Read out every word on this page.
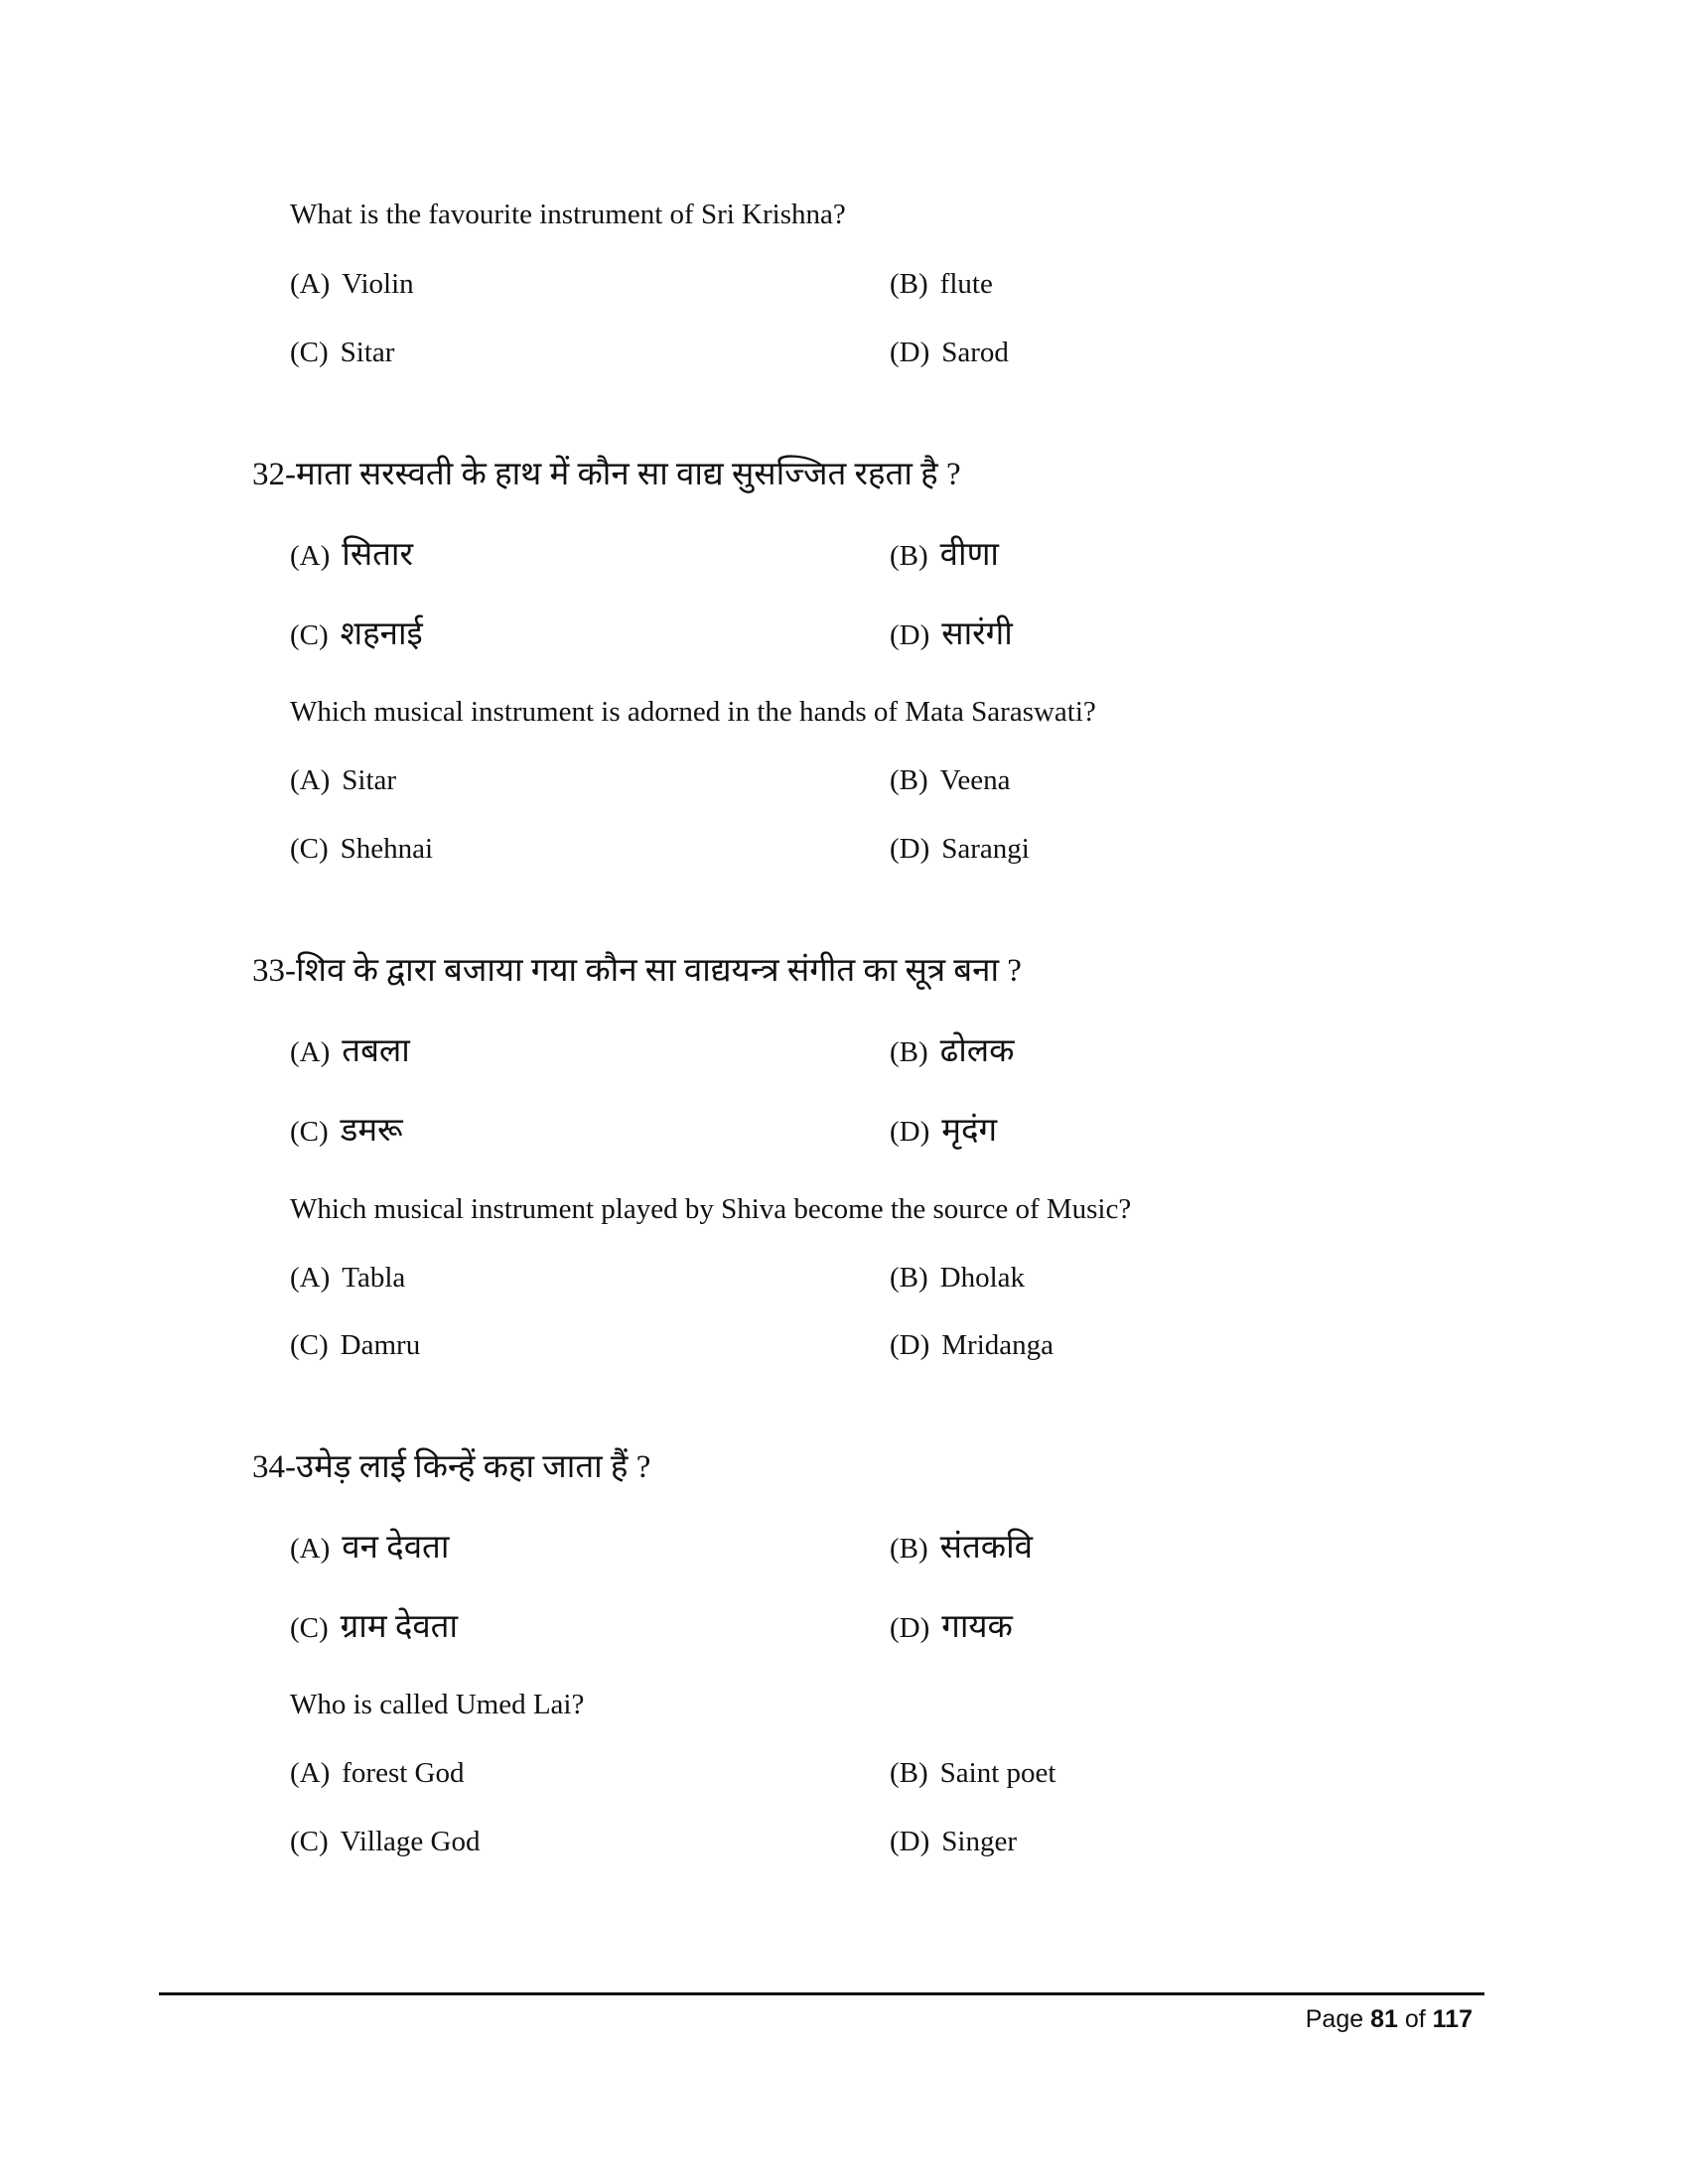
What is the favourite instrument of Sri Krishna?
(A) Violin	(B) flute
(C) Sitar	(D) Sarod
32-माता सरस्वती के हाथ में कौन सा वाद्य सुसज्जित रहता है ?
(A) सितार	(B) वीणा
(C) शहनाई	(D) सारंगी
Which musical instrument is adorned in the hands of Mata Saraswati?
(A) Sitar	(B) Veena
(C) Shehnai	(D) Sarangi
33-शिव के द्वारा बजाया गया कौन सा वाद्ययन्त्र संगीत का सूत्र बना ?
(A) तबला	(B) ढोलक
(C) डमरू	(D) मृदंग
Which musical instrument played by Shiva become the source of Music?
(A) Tabla	(B) Dholak
(C) Damru	(D) Mridanga
34-उमेड़ लाई किन्हें कहा जाता हैं ?
(A) वन देवता	(B) संतकवि
(C) ग्राम देवता	(D) गायक
Who is called Umed Lai?
(A) forest God	(B) Saint poet
(C) Village God	(D) Singer
Page 81 of 117
